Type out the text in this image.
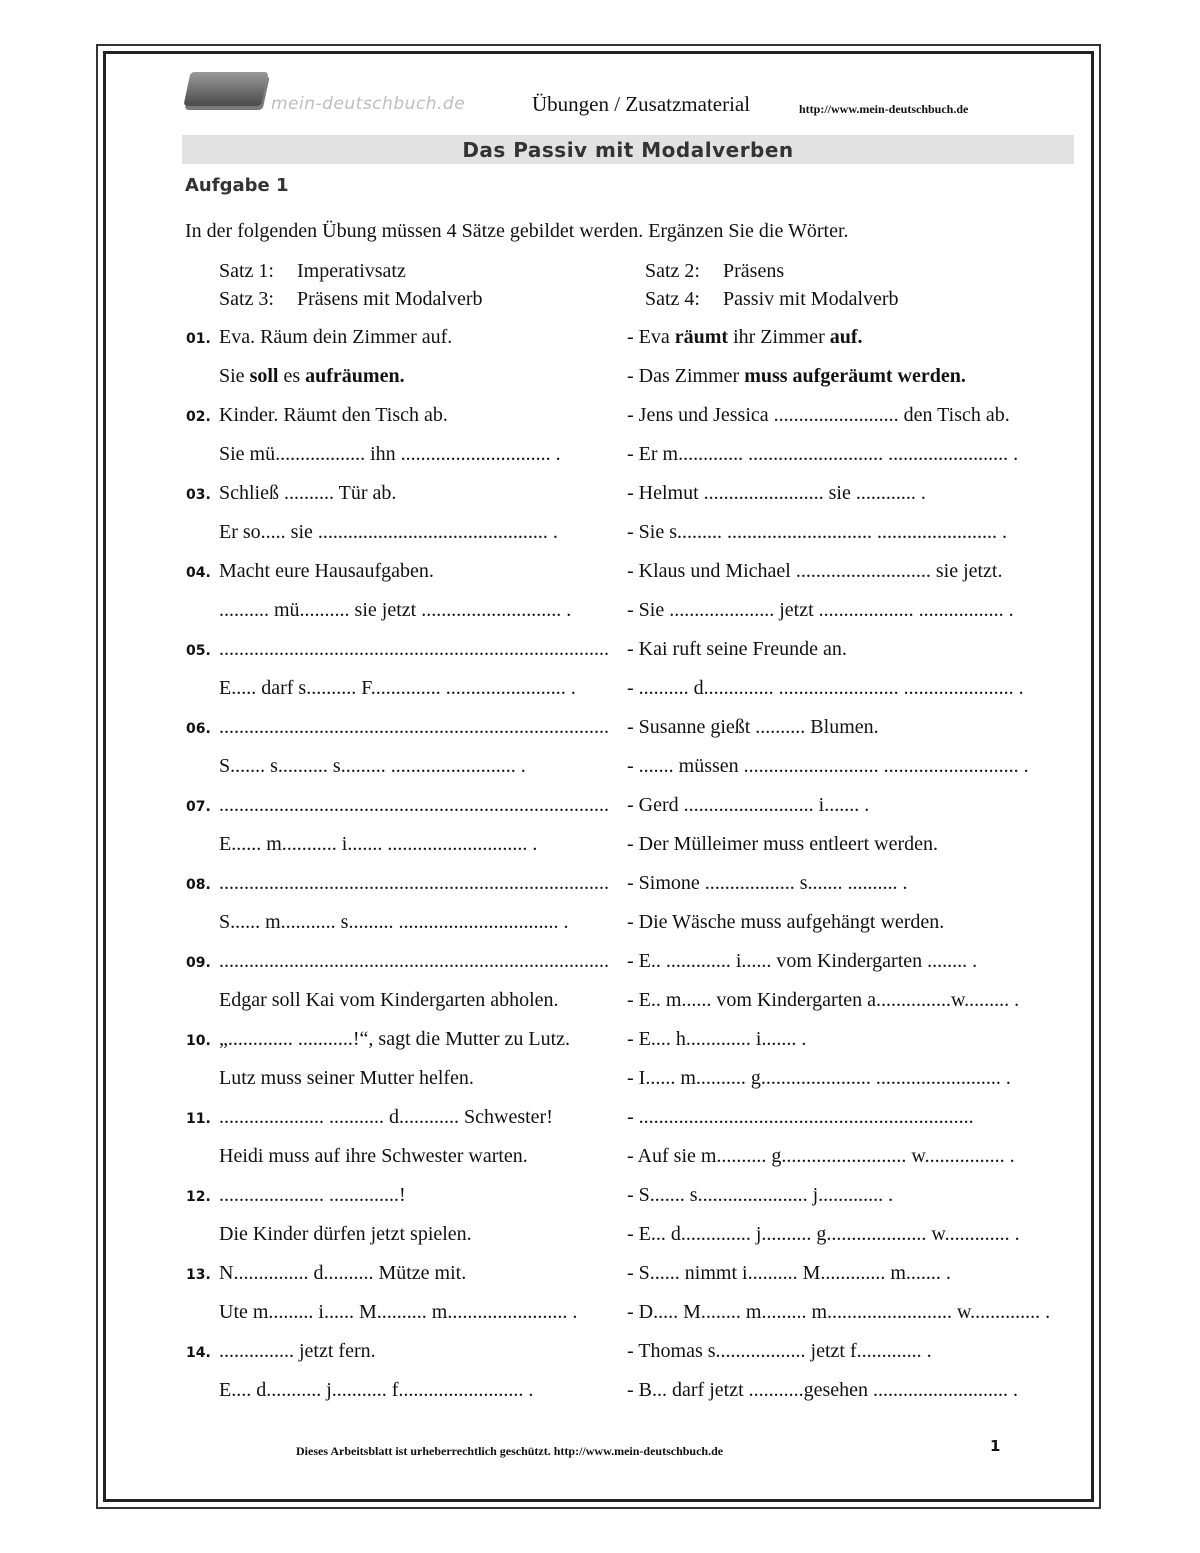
mein-deutschbuch.de	Übungen / Zusatzmaterial	http://www.mein-deutschbuch.de
Das Passiv mit Modalverben
Aufgabe 1
In der folgenden Übung müssen 4 Sätze gebildet werden. Ergänzen Sie die Wörter.
Satz 1: Imperativsatz	Satz 2: Präsens
Satz 3: Präsens mit Modalverb	Satz 4: Passiv mit Modalverb
01. Eva. Räum dein Zimmer auf.	- Eva räumt ihr Zimmer auf.
Sie soll es aufräumen.	- Das Zimmer muss aufgeräumt werden.
02. Kinder. Räumt den Tisch ab.	- Jens und Jessica ......................... den Tisch ab.
Sie mü.................. ihn .............................. .	- Er m............. ........................... ........................ .
03. Schließ .......... Tür ab.	- Helmut ........................ sie ............ .
Er so..... sie .............................................. .	- Sie s......... ............................. ........................ .
04. Macht eure Hausaufgaben.	- Klaus und Michael ........................... sie jetzt.
.......... mü.......... sie jetzt ............................ .	- Sie ..................... jetzt ................... ................. .
05. .............................................................................. - Kai ruft seine Freunde an.
E..... darf s.......... F.............. ........................ .	- .......... d.............. ........................ ...................... .
06. .............................................................................. - Susanne gießt .......... Blumen.
S....... s.......... s......... ......................... .	- ....... müssen ........................... ........................... .
07. .............................................................................. - Gerd .......................... i....... .
E...... m........... i....... ............................ .	- Der Mülleimer muss entleert werden.
08. .............................................................................. - Simone .................. s....... .......... .
S...... m........... s......... ................................ .	- Die Wäsche muss aufgehängt werden.
09. .............................................................................. - E.. ............. i...... vom Kindergarten ........ .
Edgar soll Kai vom Kindergarten abholen.	- E.. m...... vom Kindergarten a...............w......... .
10. „............. ...........!“, sagt die Mutter zu Lutz.	- E.... h............. i....... .
Lutz muss seiner Mutter helfen.	- I...... m.......... g...................... ......................... .
11. ..................... ........... d............ Schwester!	- ...................................................................
Heidi muss auf ihre Schwester warten.	- Auf sie m.......... g......................... w................ .
12. ..................... ..............!	- S....... s...................... j............. .
Die Kinder dürfen jetzt spielen.	- E... d.............. j.......... g.................... w............. .
13. N............... d.......... Mütze mit.	- S...... nimmt i.......... M............. m....... .
Ute m......... i...... M.......... m........................ . - D..... M........ m......... m......................... w.............. .
14. ............... jetzt fern.	- Thomas s.................. jetzt f............. .
E.... d........... j........... f......................... .	- B... darf jetzt ...........gesehen ........................... .
Dieses Arbeitsblatt ist urheberrechtlich geschützt. http://www.mein-deutschbuch.de	1
